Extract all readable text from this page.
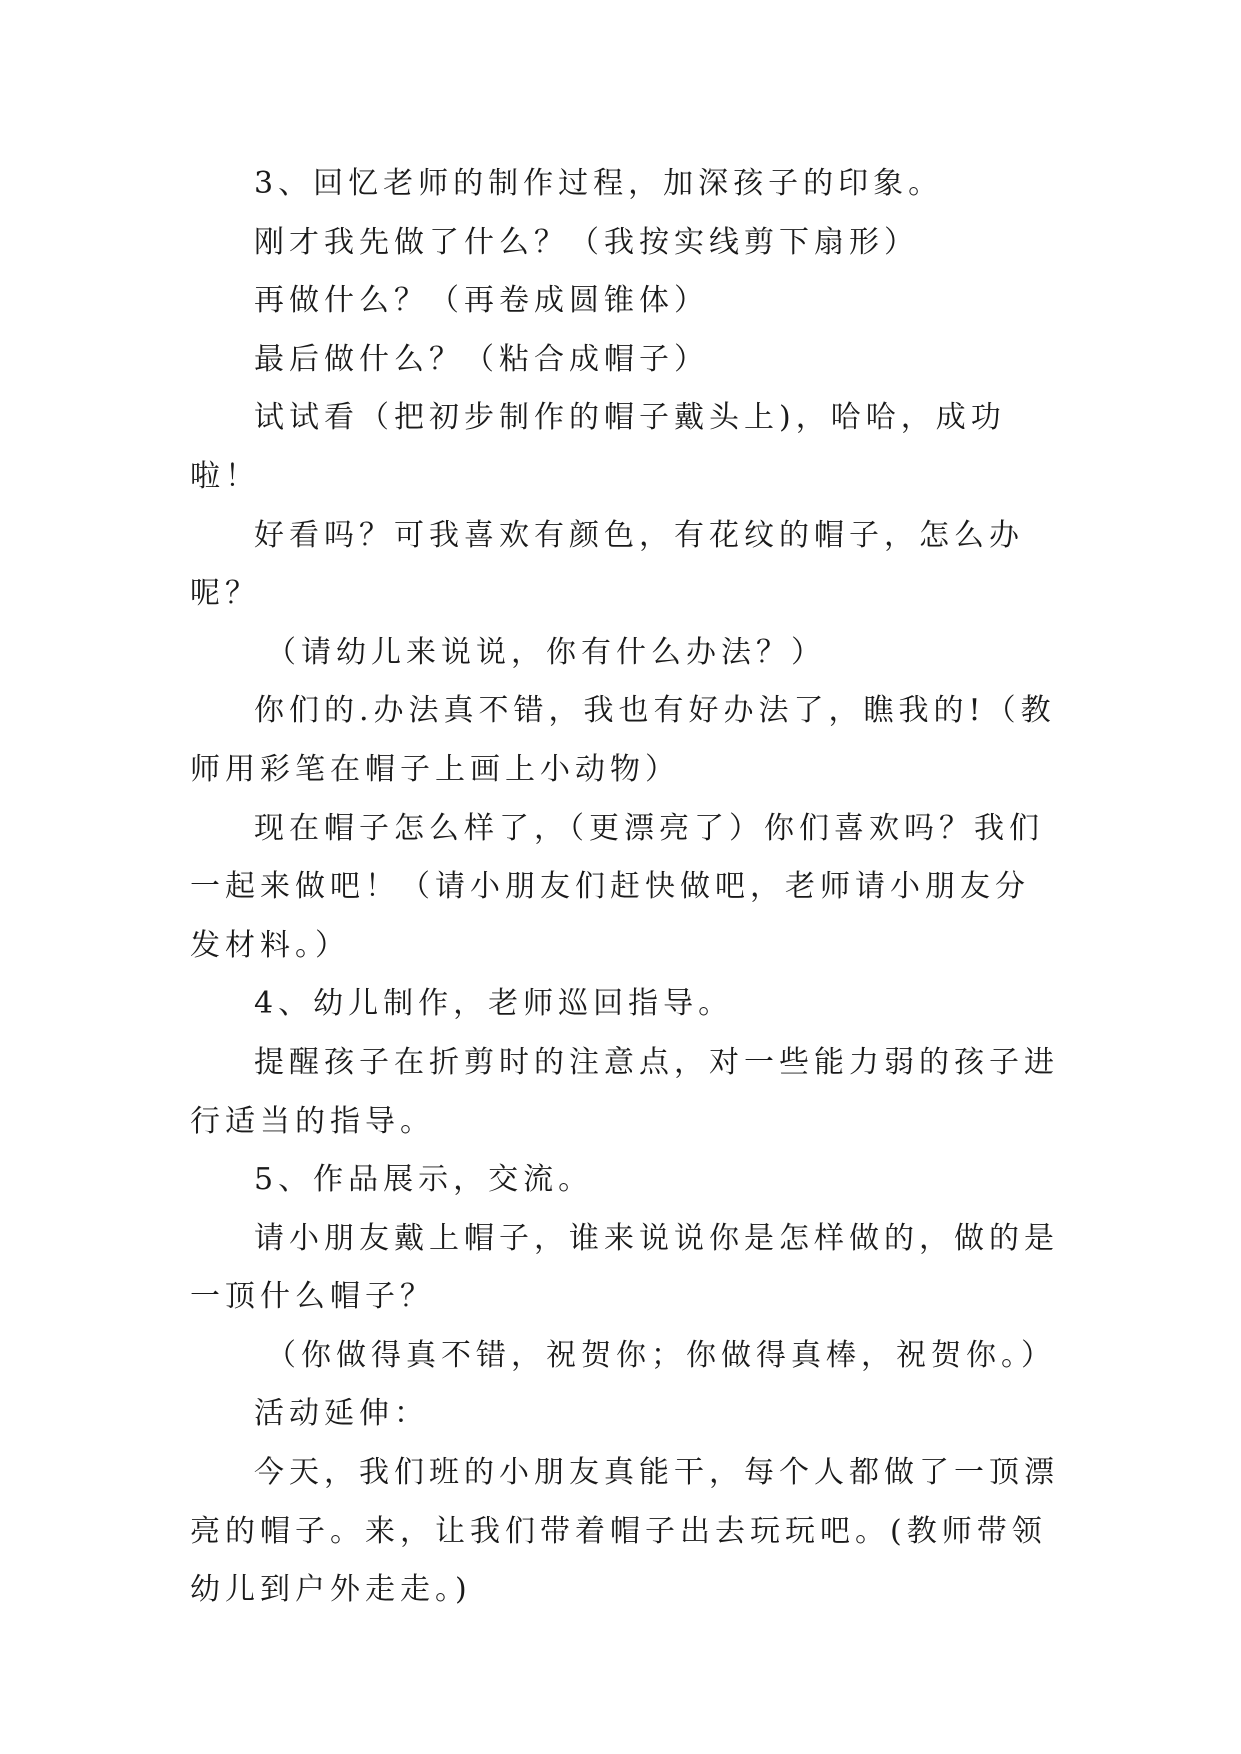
3、回忆老师的制作过程，加深孩子的印象。

刚才我先做了什么？（我按实线剪下扇形）

再做什么？（再卷成圆锥体）

最后做什么？（粘合成帽子）

试试看（把初步制作的帽子戴头上)，哈哈，成功啦！

好看吗？可我喜欢有颜色，有花纹的帽子，怎么办呢？

（请幼儿来说说，你有什么办法？）

你们的.办法真不错，我也有好办法了，瞧我的!（教师用彩笔在帽子上画上小动物）

现在帽子怎么样了，（更漂亮了）你们喜欢吗？我们一起来做吧！（请小朋友们赶快做吧，老师请小朋友分发材料。）

4、幼儿制作，老师巡回指导。

提醒孩子在折剪时的注意点，对一些能力弱的孩子进行适当的指导。

5、作品展示，交流。

请小朋友戴上帽子，谁来说说你是怎样做的，做的是一顶什么帽子？

（你做得真不错，祝贺你；你做得真棒，祝贺你。）

活动延伸：

今天，我们班的小朋友真能干，每个人都做了一顶漂亮的帽子。来，让我们带着帽子出去玩玩吧。(教师带领幼儿到户外走走。)
